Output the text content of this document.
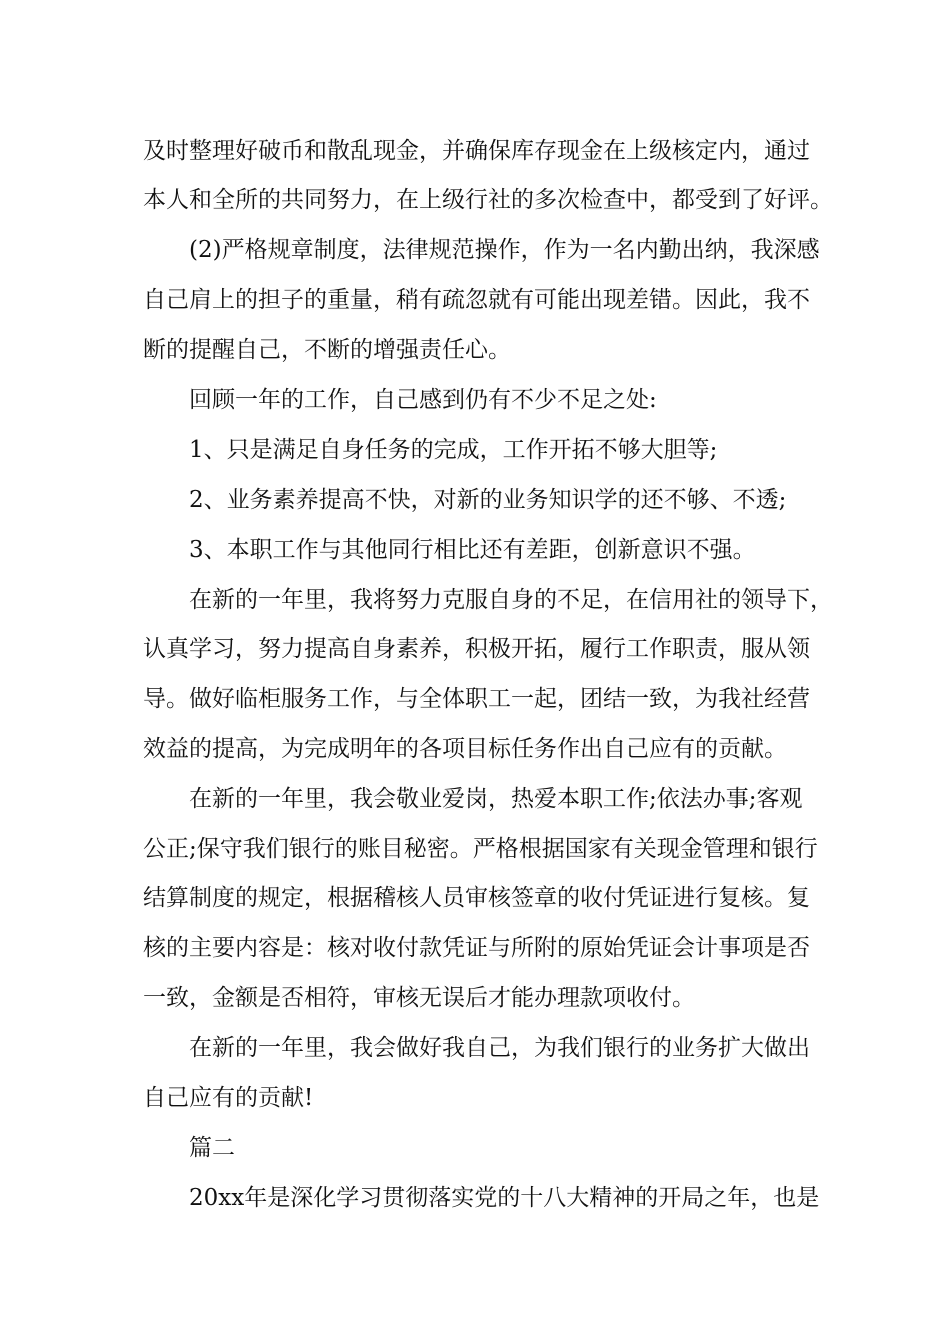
及时整理好破币和散乱现金，并确保库存现金在上级核定内，通过
本人和全所的共同努力，在上级行社的多次检查中，都受到了好评。
(2)严格规章制度，法律规范操作，作为一名内勤出纳，我深感
自己肩上的担子的重量，稍有疏忽就有可能出现差错。因此，我不
断的提醒自己，不断的增强责任心。
回顾一年的工作，自己感到仍有不少不足之处:
1、只是满足自身任务的完成，工作开拓不够大胆等;
2、业务素养提高不快，对新的业务知识学的还不够、不透;
3、本职工作与其他同行相比还有差距，创新意识不强。
在新的一年里，我将努力克服自身的不足，在信用社的领导下，
认真学习，努力提高自身素养，积极开拓，履行工作职责，服从领
导。做好临柜服务工作，与全体职工一起，团结一致，为我社经营
效益的提高，为完成明年的各项目标任务作出自己应有的贡献。
在新的一年里，我会敬业爱岗，热爱本职工作;依法办事;客观
公正;保守我们银行的账目秘密。严格根据国家有关现金管理和银行
结算制度的规定，根据稽核人员审核签章的收付凭证进行复核。复
核的主要内容是：核对收付款凭证与所附的原始凭证会计事项是否
一致，金额是否相符，审核无误后才能办理款项收付。
在新的一年里，我会做好我自己，为我们银行的业务扩大做出
自己应有的贡献!
篇二
20xx年是深化学习贯彻落实党的十八大精神的开局之年，也是
